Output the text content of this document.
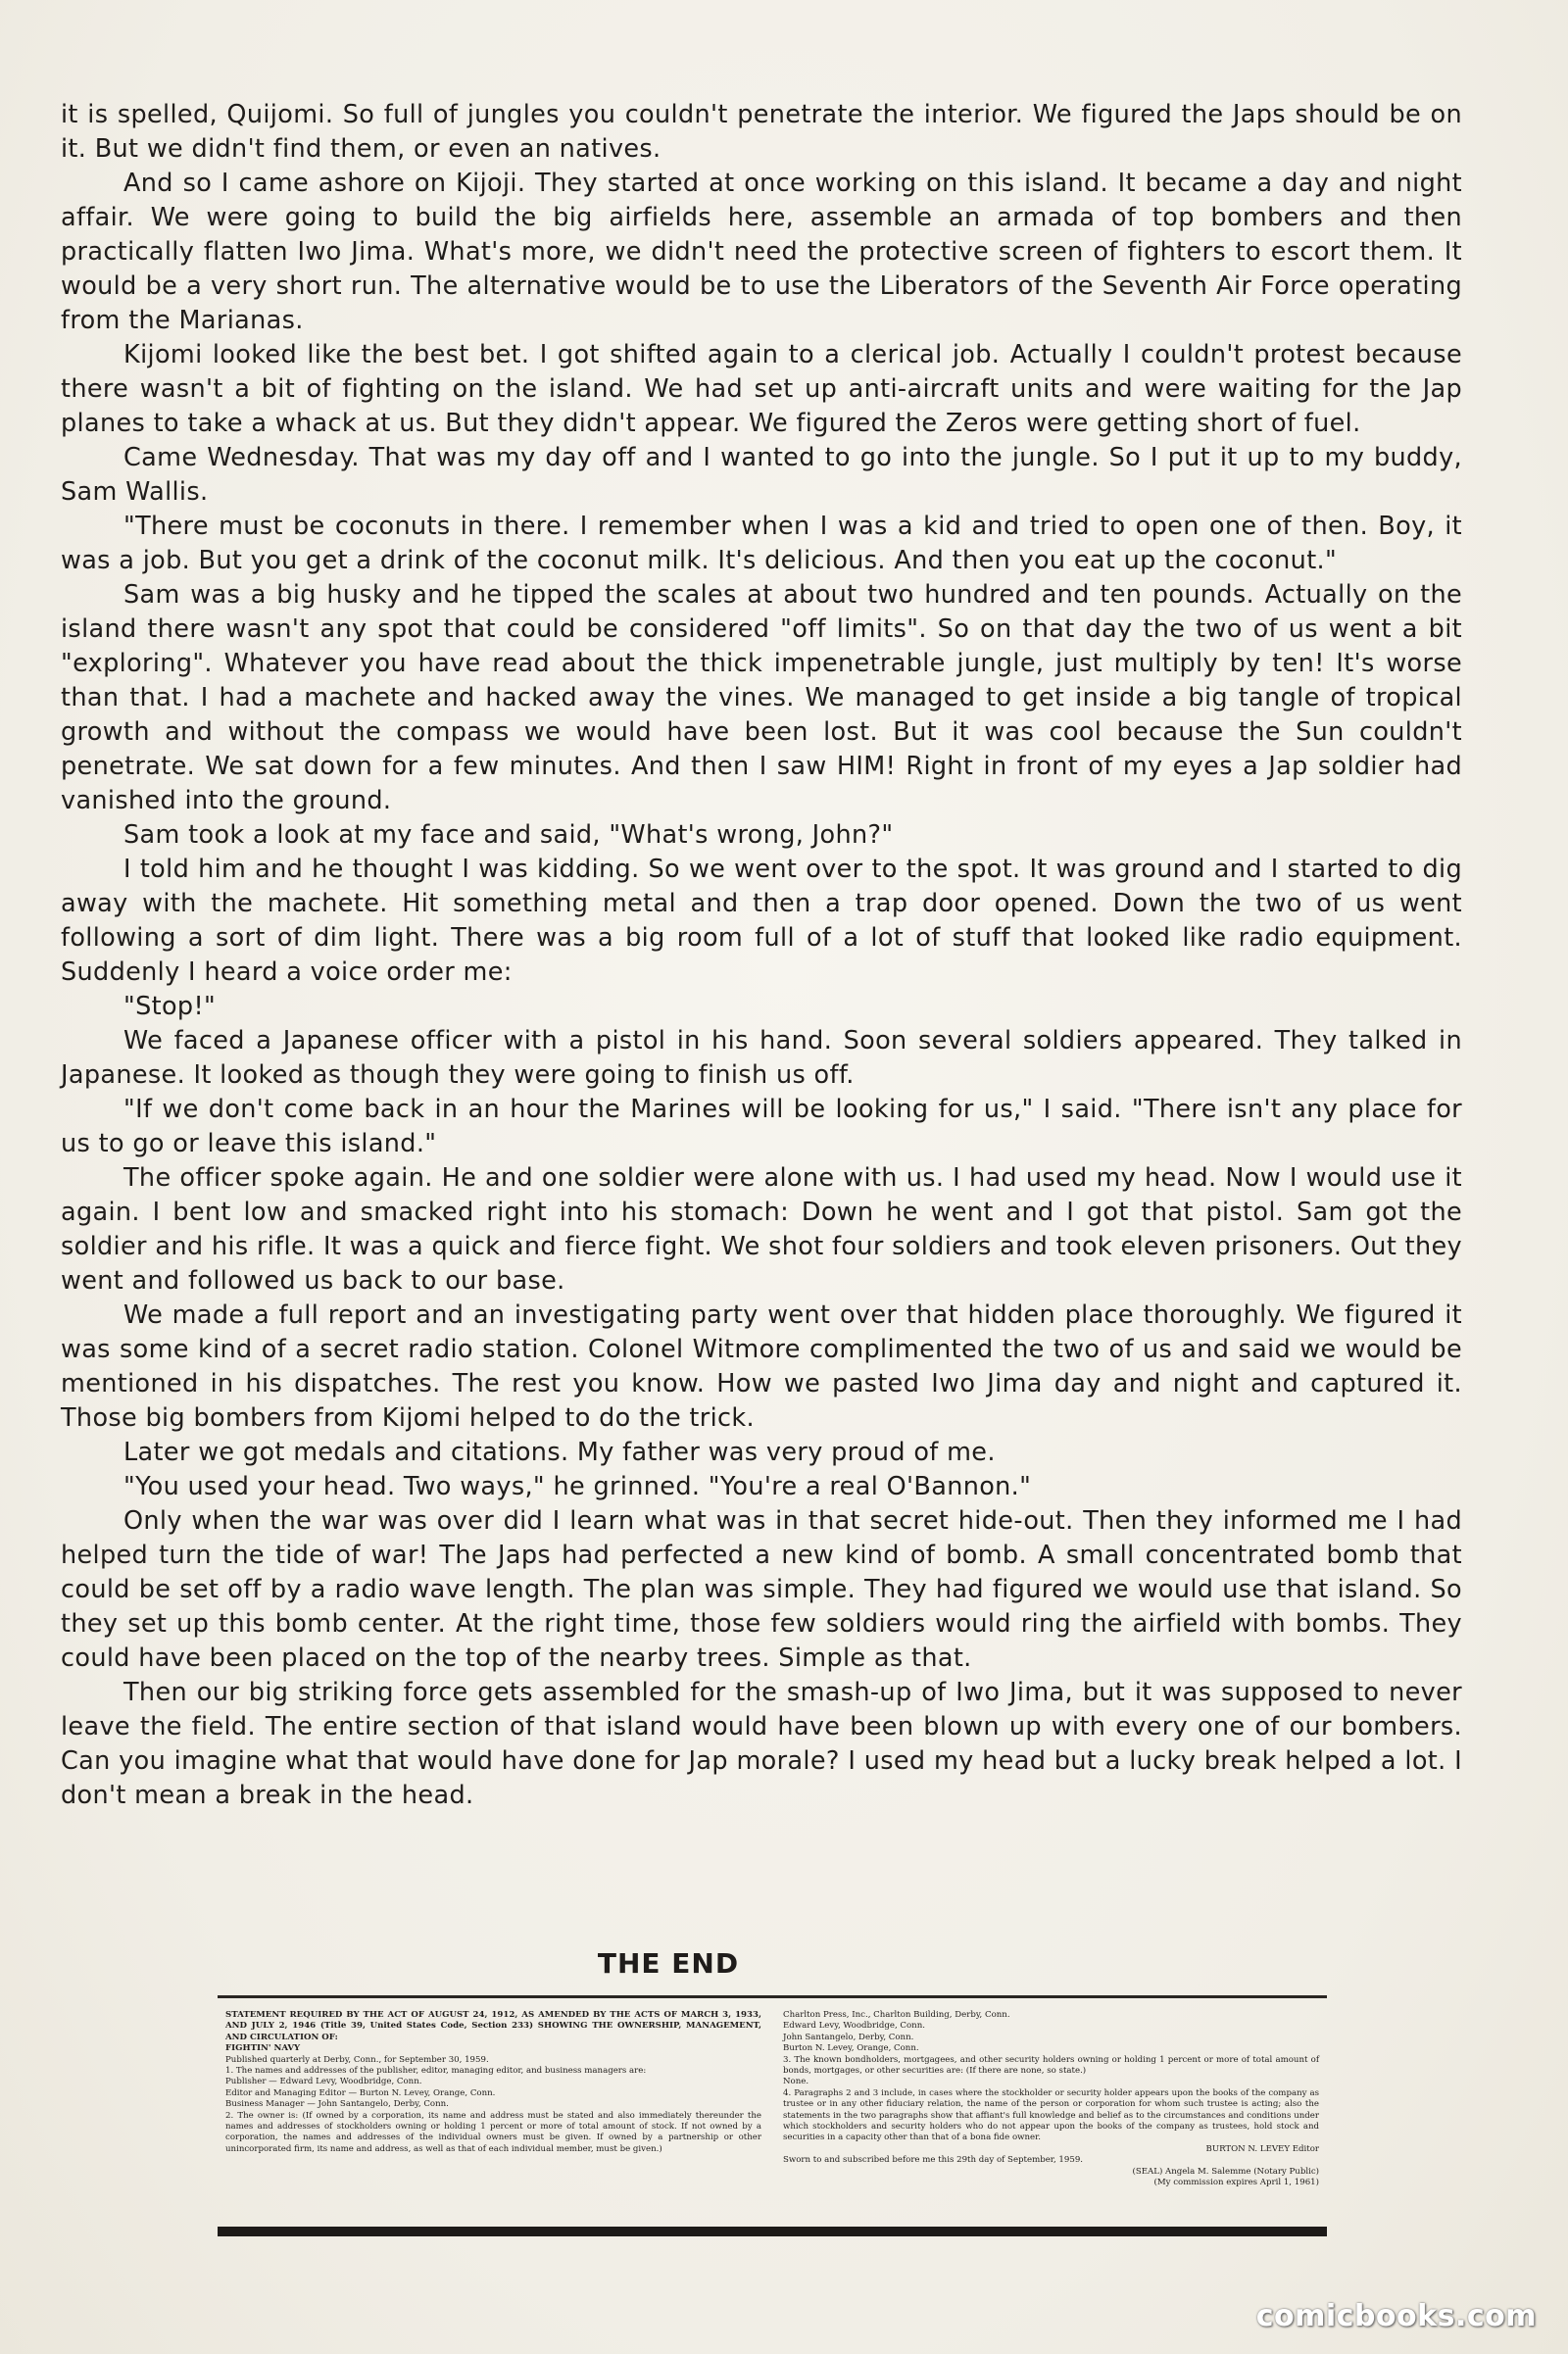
it is spelled, Quijomi. So full of jungles you couldn't penetrate the interior. We figured the Japs should be on it. But we didn't find them, or even an natives.

And so I came ashore on Kijoji. They started at once working on this island. It became a day and night affair. We were going to build the big airfields here, assemble an armada of top bombers and then practically flatten Iwo Jima. What's more, we didn't need the protective screen of fighters to escort them. It would be a very short run. The alternative would be to use the Liberators of the Seventh Air Force operating from the Marianas.

Kijomi looked like the best bet. I got shifted again to a clerical job. Actually I couldn't protest because there wasn't a bit of fighting on the island. We had set up anti-aircraft units and were waiting for the Jap planes to take a whack at us. But they didn't appear. We figured the Zeros were getting short of fuel.

Came Wednesday. That was my day off and I wanted to go into the jungle. So I put it up to my buddy, Sam Wallis.

"There must be coconuts in there. I remember when I was a kid and tried to open one of then. Boy, it was a job. But you get a drink of the coconut milk. It's delicious. And then you eat up the coconut."

Sam was a big husky and he tipped the scales at about two hundred and ten pounds. Actually on the island there wasn't any spot that could be considered "off limits". So on that day the two of us went a bit "exploring". Whatever you have read about the thick impenetrable jungle, just multiply by ten! It's worse than that. I had a machete and hacked away the vines. We managed to get inside a big tangle of tropical growth and without the compass we would have been lost. But it was cool because the Sun couldn't penetrate. We sat down for a few minutes. And then I saw HIM! Right in front of my eyes a Jap soldier had vanished into the ground.

Sam took a look at my face and said, "What's wrong, John?"

I told him and he thought I was kidding. So we went over to the spot. It was ground and I started to dig away with the machete. Hit something metal and then a trap door opened. Down the two of us went following a sort of dim light. There was a big room full of a lot of stuff that looked like radio equipment. Suddenly I heard a voice order me:

"Stop!"

We faced a Japanese officer with a pistol in his hand. Soon several soldiers appeared. They talked in Japanese. It looked as though they were going to finish us off.

"If we don't come back in an hour the Marines will be looking for us," I said. "There isn't any place for us to go or leave this island."

The officer spoke again. He and one soldier were alone with us. I had used my head. Now I would use it again. I bent low and smacked right into his stomach: Down he went and I got that pistol. Sam got the soldier and his rifle. It was a quick and fierce fight. We shot four soldiers and took eleven prisoners. Out they went and followed us back to our base.

We made a full report and an investigating party went over that hidden place thoroughly. We figured it was some kind of a secret radio station. Colonel Witmore complimented the two of us and said we would be mentioned in his dispatches. The rest you know. How we pasted Iwo Jima day and night and captured it. Those big bombers from Kijomi helped to do the trick.

Later we got medals and citations. My father was very proud of me.

"You used your head. Two ways," he grinned. "You're a real O'Bannon."

Only when the war was over did I learn what was in that secret hide-out. Then they informed me I had helped turn the tide of war! The Japs had perfected a new kind of bomb. A small concentrated bomb that could be set off by a radio wave length. The plan was simple. They had figured we would use that island. So they set up this bomb center. At the right time, those few soldiers would ring the airfield with bombs. They could have been placed on the top of the nearby trees. Simple as that.

Then our big striking force gets assembled for the smash-up of Iwo Jima, but it was supposed to never leave the field. The entire section of that island would have been blown up with every one of our bombers. Can you imagine what that would have done for Jap morale? I used my head but a lucky break helped a lot. I don't mean a break in the head.

THE END
STATEMENT REQUIRED BY THE ACT OF AUGUST 24, 1912, AS AMENDED BY THE ACTS OF MARCH 3, 1933, AND JULY 2, 1946 (Title 39, United States Code, Section 233) SHOWING THE OWNERSHIP, MANAGEMENT, AND CIRCULATION OF:
FIGHTIN' NAVY
Published quarterly at Derby, Conn., for September 30, 1959.
1. The names and addresses of the publisher, editor, managing editor, and business managers are:
Publisher — Edward Levy, Woodbridge, Conn.
Editor and Managing Editor — Burton N. Levey, Orange, Conn.
Business Manager — John Santangelo, Derby, Conn.
2. The owner is: (If owned by a corporation, its name and address must be stated and also immediately thereunder the names and addresses of stockholders owning or holding 1 percent or more of total amount of stock. If not owned by a corporation, the names and addresses of the individual owners must be given. If owned by a partnership or other unincorporated firm, its name and address, as well as that of each individual member, must be given.)
Charlton Press, Inc., Charlton Building, Derby, Conn.
Edward Levy, Woodbridge, Conn.
John Santangelo, Derby, Conn.
Burton N. Levey, Orange, Conn.
3. The known bondholders, mortgagees, and other security holders owning or holding 1 percent or more of total amount of bonds, mortgages, or other securities are: (If there are none, so state.)
None.
4. Paragraphs 2 and 3 include, in cases where the stockholder or security holder appears upon the books of the company as trustee or in any other fiduciary relation, the name of the person or corporation for whom such trustee is acting; also the statements in the two paragraphs show that affiant's full knowledge and belief as to the circumstances and conditions under which stockholders and security holders who do not appear upon the books of the company as trustees, hold stock and securities in a capacity other than that of a bona fide owner.
BURTON N. LEVEY Editor
Sworn to and subscribed before me this 29th day of September, 1959.
(SEAL) Angela M. Salemme (Notary Public)
(My commission expires April 1, 1961)
comicbooks.com
